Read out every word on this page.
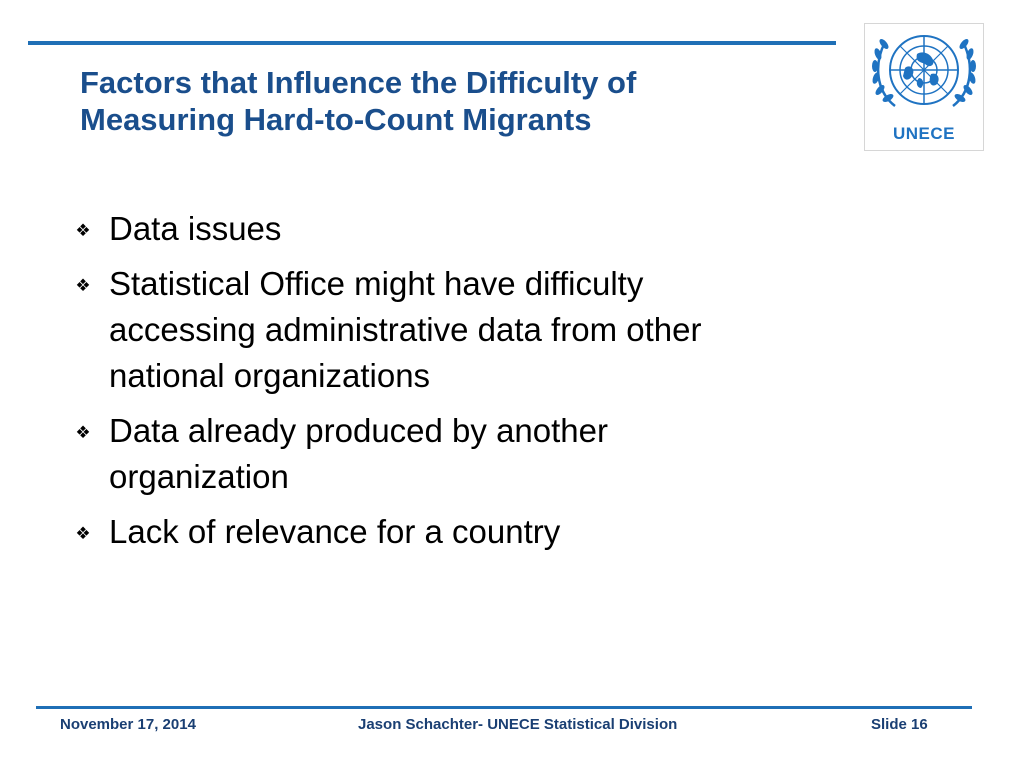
Factors that Influence the Difficulty of
Measuring Hard-to-Count Migrants	UNECE
❖ Data issues
❖ Statistical Office might have difficulty
accessing administrative data from other
national organizations
❖ Data already produced by another
organization
❖ Lack of relevance for a country
November 17, 2014	Jason Schachter- UNECE Statistical Division	Slide 16
